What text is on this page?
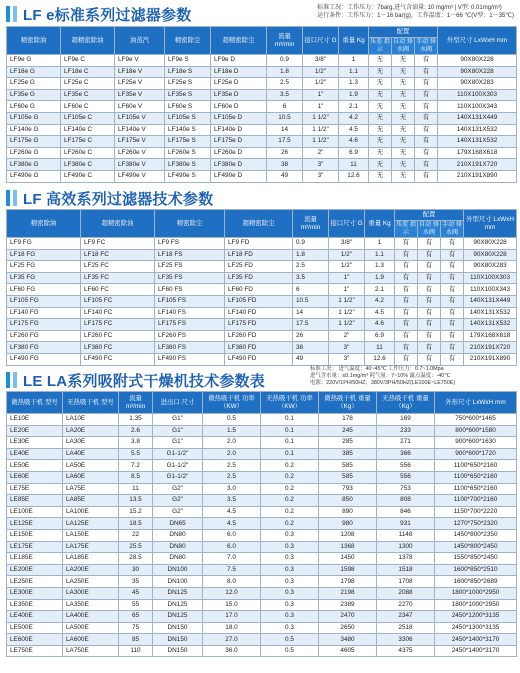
LF e标准系列过滤器参数	标准工况：工作压力：7barg,进气含油量: 10 mg/m³ | V型: 0.01mg/m³)
运行条件：工作压力：1－16 bar(g)，工作温度：1－66 ℃(V型：1－35℃)
精密除油	超精密除油	油蒸汽	精密除尘	超精密除尘	流量 m³/min	接口尺寸 G	重量 Kg	配置			外型尺寸 LxWxH mm
								压差 指示	自动 排水阀	手动 排水阀	
LF9e G	LF9e C	LF9e V	LF9e S	LF9e D	0.9	3/8"	1	无	无	有	90X80X228
LF18e G	LF18e C	LF18e V	LF18e S	LF18e D	1.8	1/2"	1.1	无	无	有	90X80X228
LF25e G	LF25e C	LF25e V	LF25e S	LF25e D	2.5	1/2"	1.3	无	无	有	90X80X283
LF35e G	LF35e C	LF35e V	LF35e S	LF35e D	3.5	1"	1.9	无	无	有	110X100X303
LF60e G	LF60e C	LF60e V	LF60e S	LF60e D	6	1"	2.1	无	无	有	110X100X343
LF105e G	LF105e C	LF105e V	LF105e S	LF105e D	10.5	1 1/2"	4.2	无	无	有	140X131X449
LF140e G	LF140e C	LF140e V	LF140e S	LF140e D	14	1 1/2"	4.5	无	无	有	140X131X532
LF175e G	LF175e C	LF175e V	LF175e S	LF175e D	17.5	1 1/2"	4.6	无	无	有	140X131X532
LF260e G	LF260e C	LF260e V	LF260e S	LF260e D	26	2"	6.9	无	无	有	179X168X618
LF380e G	LF380e C	LF380e V	LF380e S	LF380e D	38	3"	11	无	无	有	210X191X720
LF490e G	LF490e C	LF490e V	LF490e S	LF490e D	49	3"	12.6	无	无	有	210X191X890
LF 高效系列过滤器技术参数
精密除油	超精密除油	精密除尘	超精密除尘	流量 m³/min	接口尺寸 G	重量 Kg	配置			外型尺寸 LxWxH mm
							压差 指示	自动 排水阀	手动 排水阀	
LF9 FG	LF9 FC	LF9 FS	LF9 FD	0.9	3/8"	1	有	有	有	90X80X228
LF18 FG	LF18 FC	LF18 FS	LF18 FD	1.8	1/2"	1.1	有	有	有	90X80X228
LF25 FG	LF25 FC	LF25 FS	LF25 FD	2.5	1/2"	1.3	有	有	有	90X80X283
LF35 FG	LF35 FC	LF35 FS	LF35 FD	3.5	1"	1.9	有	有	有	110X100X303
LF60 FG	LF60 FC	LF60 FS	LF60 FD	6	1"	2.1	有	有	有	110X100X343
LF105 FG	LF105 FC	LF105 FS	LF105 FD	10.5	1 1/2"	4.2	有	有	有	140X131X449
LF140 FG	LF140 FC	LF140 FS	LF140 FD	14	1 1/2"	4.5	有	有	有	140X131X532
LF175 FG	LF175 FC	LF175 FS	LF175 FD	17.5	1 1/2"	4.6	有	有	有	140X131X532
LF260 FG	LF260 FC	LF260 FS	LF260 FD	26	2"	6.9	有	有	有	179X168X618
LF380 FG	LF380 FC	LF380 FS	LF380 FD	38	3"	11	有	有	有	210X191X720
LF490 FG	LF490 FC	LF490 FS	LF490 FD	49	3"	12.6	有	有	有	210X191X890
LE LA系列吸附式干燥机技术参数表
标准工况： 进气温度：40~45℃ 工作压力：0.7~1.0Mpa
进气含水量：≤0.1mg/m³ 耗气量：7~10% 露点温度：-40℃
电源：220V/1PH/50HZ；380V/3PH/50HZ(LE100E~LE750E)
微热吸干机 型号	无热吸干机 型号	流量 m³/min	进出口 尺寸	微热吸干机 功率（KW）	无热吸干机 功率（KW）	微热吸干机 重量（Kg）	无热吸干机 重量（Kg）	外形尺寸 LxWxH mm
LE10E	LA10E	1.35	G1"	0.5	0.1	178	169	750*600*1465
LE20E	LA20E	2.6	G1"	1.5	0.1	245	233	800*600*1580
LE30E	LA30E	3.8	G1"	2.0	0.1	285	271	900*600*1630
LE40E	LA40E	5.5	G1-1/2"	2.0	0.1	385	366	900*600*1720
LE50E	LA50E	7.2	G1-1/2"	2.5	0.2	585	556	1100*650*2160
LE60E	LA60E	8.5	G1-1/2"	2.5	0.2	585	556	1100*650*2160
LE75E	LA75E	11	G2"	3.0	0.2	793	753	1100*650*2160
LE85E	LA85E	13.5	G2"	3.5	0.2	850	808	1100*700*2160
LE100E	LA100E	15.2	G2"	4.5	0.2	890	846	1150*700*2220
LE125E	LA125E	18.5	DN65	4.5	0.2	980	931	1270*750*2320
LE150E	LA150E	22	DN80	6.0	0.3	1208	1148	1450*800*2350
LE175E	LA175E	25.5	DN80	6.0	0.3	1368	1300	1450*800*2450
LE185E	LA185E	28.5	DN80	7.0	0.3	1450	1378	1550*850*2450
LE200E	LA200E	30	DN100	7.5	0.3	1598	1518	1600*850*2510
LE250E	LA250E	35	DN100	8.0	0.3	1798	1708	1600*850*2689
LE300E	LA300E	45	DN125	12.0	0.3	2198	2088	1800*1000*2950
LE350E	LA350E	55	DN125	15.0	0.3	2389	2270	1800*1000*2950
LE400E	LA400E	65	DN125	17.0	0.3	2470	2347	2450*1200*3135
LE500E	LA500E	75	DN150	18.0	0.3	2650	2518	2450*1300*3135
LE600E	LA600E	85	DN150	27.0	0.5	3480	3306	2450*1400*3170
LE750E	LA750E	110	DN150	36.0	0.5	4605	4375	2450*1400*3170
